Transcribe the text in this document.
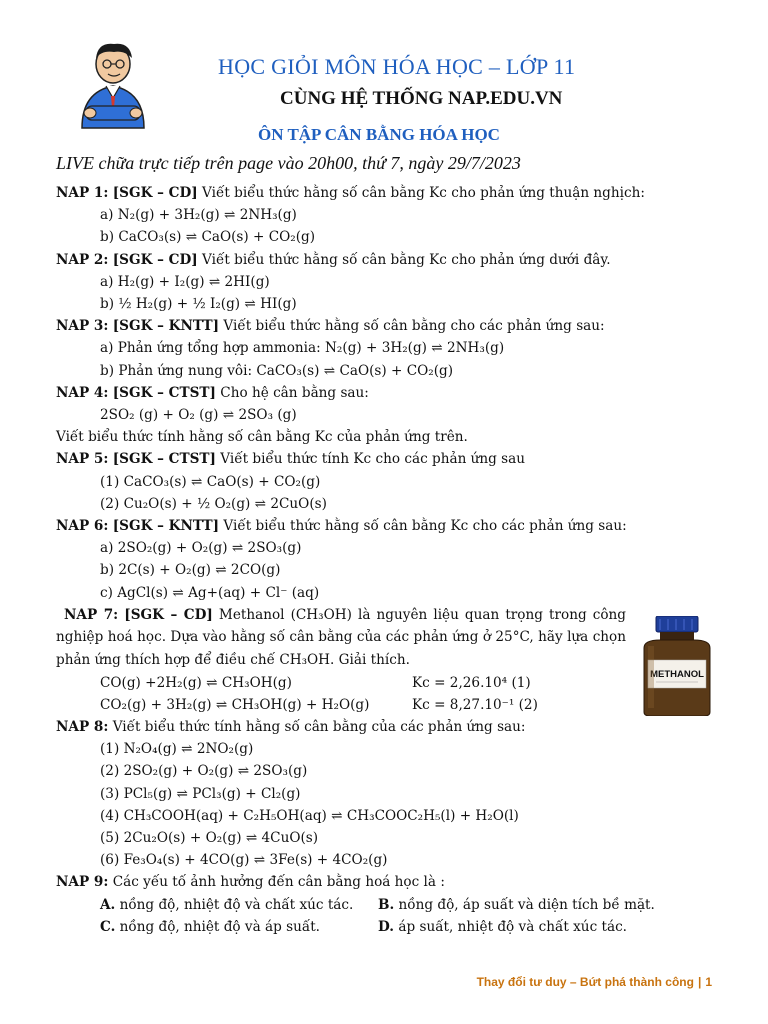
HỌC GIỎI MÔN HÓA HỌC – LỚP 11
CÙNG HỆ THỐNG NAP.EDU.VN
ÔN TẬP CÂN BẰNG HÓA HỌC
LIVE chữa trực tiếp trên page vào 20h00, thứ 7, ngày 29/7/2023
NAP 1: [SGK – CD] Viết biểu thức hằng số cân bằng Kc cho phản ứng thuận nghịch:
a) N₂(g) + 3H₂(g) ⇌ 2NH₃(g)
b) CaCO₃(s) ⇌ CaO(s) + CO₂(g)
NAP 2: [SGK – CD] Viết biểu thức hằng số cân bằng Kc cho phản ứng dưới đây.
a) H₂(g) + I₂(g) ⇌ 2HI(g)
b) ½ H₂(g) + ½ I₂(g) ⇌ HI(g)
NAP 3: [SGK – KNTT] Viết biểu thức hằng số cân bằng cho các phản ứng sau:
a) Phản ứng tổng hợp ammonia: N₂(g) + 3H₂(g) ⇌ 2NH₃(g)
b) Phản ứng nung vôi: CaCO₃(s) ⇌ CaO(s) + CO₂(g)
NAP 4: [SGK – CTST] Cho hệ cân bằng sau:
2SO₂ (g) + O₂ (g) ⇌ 2SO₃ (g)
Viết biểu thức tính hằng số cân bằng Kc của phản ứng trên.
NAP 5: [SGK – CTST] Viết biểu thức tính Kc cho các phản ứng sau
(1) CaCO₃(s) ⇌ CaO(s) + CO₂(g)
(2) Cu₂O(s) + ½ O₂(g) ⇌ 2CuO(s)
NAP 6: [SGK – KNTT] Viết biểu thức hằng số cân bằng Kc cho các phản ứng sau:
a) 2SO₂(g) + O₂(g) ⇌ 2SO₃(g)
b) 2C(s) + O₂(g) ⇌ 2CO(g)
c) AgCl(s) ⇌ Ag+(aq) + Cl⁻ (aq)
NAP 7: [SGK – CD] Methanol (CH₃OH) là nguyên liệu quan trọng trong công nghiệp hoá học. Dựa vào hằng số cân bằng của các phản ứng ở 25°C, hãy lựa chọn phản ứng thích hợp để điều chế CH₃OH. Giải thích.
CO(g) +2H₂(g) ⇌ CH₃OH(g)	Kc = 2,26.10⁴ (1)
CO₂(g) + 3H₂(g) ⇌ CH₃OH(g) + H₂O(g)	Kc = 8,27.10⁻¹ (2)
NAP 8: Viết biểu thức tính hằng số cân bằng của các phản ứng sau:
(1) N₂O₄(g) ⇌ 2NO₂(g)
(2) 2SO₂(g) + O₂(g) ⇌ 2SO₃(g)
(3) PCl₅(g) ⇌ PCl₃(g) + Cl₂(g)
(4) CH₃COOH(aq) + C₂H₅OH(aq) ⇌ CH₃COOC₂H₅(l) + H₂O(l)
(5) 2Cu₂O(s) + O₂(g) ⇌ 4CuO(s)
(6) Fe₃O₄(s) + 4CO(g) ⇌ 3Fe(s) + 4CO₂(g)
NAP 9: Các yếu tố ảnh hưởng đến cân bằng hoá học là :
A. nồng độ, nhiệt độ và chất xúc tác.	B. nồng độ, áp suất và diện tích bề mặt.
C. nồng độ, nhiệt độ và áp suất.	D. áp suất, nhiệt độ và chất xúc tác.
METHANOL
Thay đổi tư duy – Bứt phá thành công | 1
